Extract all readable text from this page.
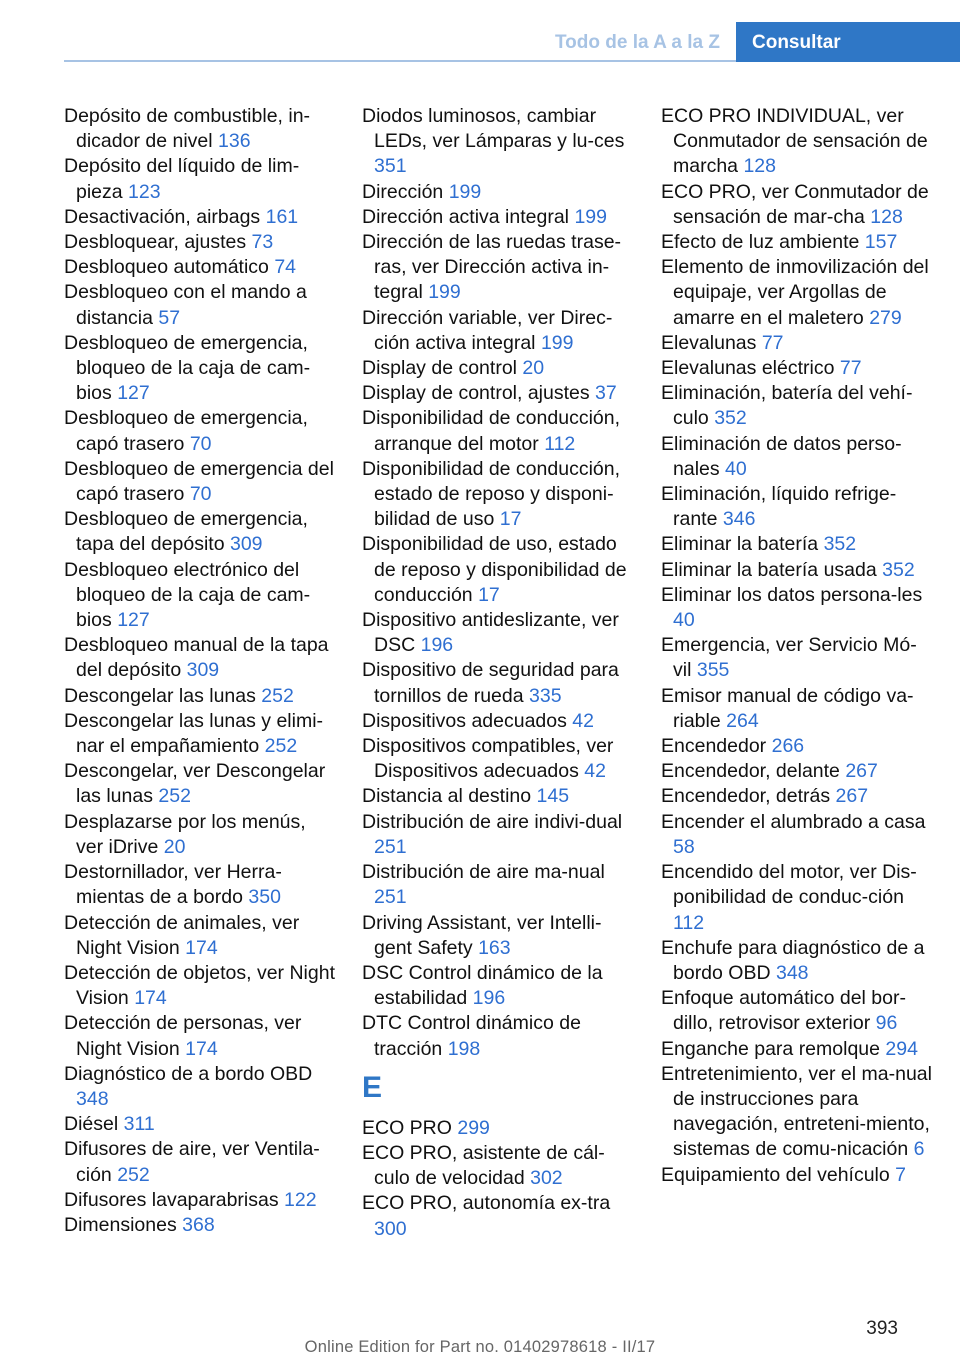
Todo de la A a la Z	Consultar
Depósito de combustible, in‐dicador de nivel 136
Depósito del líquido de lim‐pieza 123
Desactivación, airbags 161
Desbloquear, ajustes 73
Desbloqueo automático 74
Desbloqueo con el mando a distancia 57
Desbloqueo de emergencia, bloqueo de la caja de cam‐bios 127
Desbloqueo de emergencia, capó trasero 70
Desbloqueo de emergencia del capó trasero 70
Desbloqueo de emergencia, tapa del depósito 309
Desbloqueo electrónico del bloqueo de la caja de cam‐bios 127
Desbloqueo manual de la tapa del depósito 309
Descongelar las lunas 252
Descongelar las lunas y elimi‐nar el empañamiento 252
Descongelar, ver Descongelar las lunas 252
Desplazarse por los menús, ver iDrive 20
Destornillador, ver Herra‐mientas de a bordo 350
Detección de animales, ver Night Vision 174
Detección de objetos, ver Night Vision 174
Detección de personas, ver Night Vision 174
Diagnóstico de a bordo OBD 348
Diésel 311
Difusores de aire, ver Ventila‐ción 252
Difusores lavaparabrisas 122
Dimensiones 368
Diodos luminosos, cambiar LEDs, ver Lámparas y lu‐ces 351
Dirección 199
Dirección activa integral 199
Dirección de las ruedas trase‐ras, ver Dirección activa in‐tegral 199
Dirección variable, ver Direc‐ción activa integral 199
Display de control 20
Display de control, ajustes 37
Disponibilidad de conducción, arranque del motor 112
Disponibilidad de conducción, estado de reposo y disponi‐bilidad de uso 17
Disponibilidad de uso, estado de reposo y disponibilidad de conducción 17
Dispositivo antideslizante, ver DSC 196
Dispositivo de seguridad para tornillos de rueda 335
Dispositivos adecuados 42
Dispositivos compatibles, ver Dispositivos adecuados 42
Distancia al destino 145
Distribución de aire indivi‐dual 251
Distribución de aire ma‐nual 251
Driving Assistant, ver Intelli‐gent Safety 163
DSC Control dinámico de la estabilidad 196
DTC Control dinámico de tracción 198
E
ECO PRO 299
ECO PRO, asistente de cál‐culo de velocidad 302
ECO PRO, autonomía ex‐tra 300
ECO PRO INDIVIDUAL, ver Conmutador de sensación de marcha 128
ECO PRO, ver Conmutador de sensación de mar‐cha 128
Efecto de luz ambiente 157
Elemento de inmovilización del equipaje, ver Argollas de amarre en el maletero 279
Elevalunas 77
Elevalunas eléctrico 77
Eliminación, batería del vehí‐culo 352
Eliminación de datos perso‐nales 40
Eliminación, líquido refrige‐rante 346
Eliminar la batería 352
Eliminar la batería usada 352
Eliminar los datos persona‐les 40
Emergencia, ver Servicio Mó‐vil 355
Emisor manual de código va‐riable 264
Encendedor 266
Encendedor, delante 267
Encendedor, detrás 267
Encender el alumbrado a casa 58
Encendido del motor, ver Dis‐ponibilidad de conduc‐ción 112
Enchufe para diagnóstico de a bordo OBD 348
Enfoque automático del bor‐dillo, retrovisor exterior 96
Enganche para remolque 294
Entretenimiento, ver el ma‐nual de instrucciones para navegación, entreteni‐miento, sistemas de comu‐nicación 6
Equipamiento del vehículo 7
393
Online Edition for Part no. 01402978618 - II/17
